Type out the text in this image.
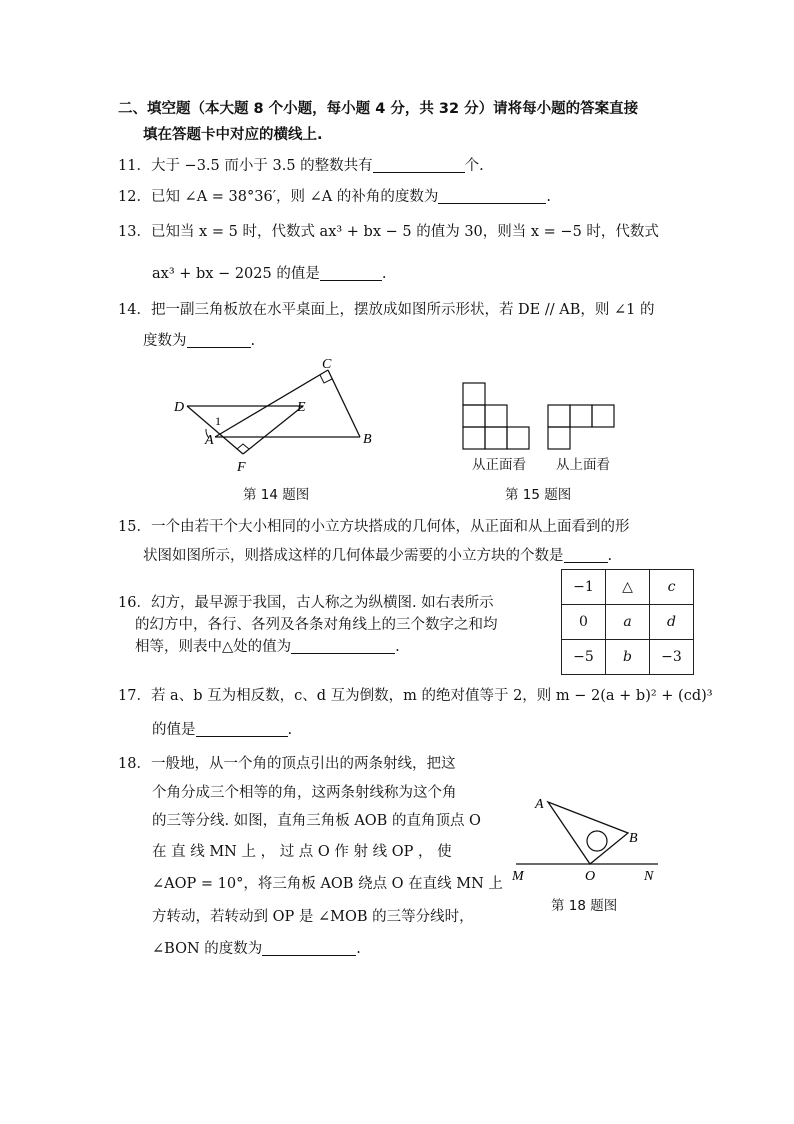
二、填空题（本大题 8 个小题，每小题 4 分，共 32 分）请将每小题的答案直接
填在答题卡中对应的横线上.
11．大于 −3.5 而小于 3.5 的整数共有	个.
12．已知 ∠A = 38°36′，则 ∠A 的补角的度数为	.
13．已知当 x = 5 时，代数式 ax³ + bx − 5 的值为 30，则当 x = −5 时，代数式
ax³ + bx − 2025 的值是	.
14．把一副三角板放在水平桌面上，摆放成如图所示形状，若 DE // AB，则 ∠1 的
度数为	.
C
D	E
1
A	B
F
第 14 题图
从正面看 从上面看
第 15 题图
15．一个由若干个大小相同的小立方块搭成的几何体，从正面和从上面看到的形
状图如图所示，则搭成这样的几何体最少需要的小立方块的个数是	.
16．幻方，最早源于我国，古人称之为纵横图. 如右表所示
的幻方中，各行、各列及各条对角线上的三个数字之和均
相等，则表中△处的值为	.
−1	△	c
0	a	d
−5	b	−3
17．若 a、b 互为相反数，c、d 互为倒数，m 的绝对值等于 2，则 m − 2(a + b)² + (cd)³
的值是	.
18．一般地，从一个角的顶点引出的两条射线，把这
个角分成三个相等的角，这两条射线称为这个角
的三等分线. 如图，直角三角板 AOB 的直角顶点 O
在 直 线 MN 上 ， 过 点 O 作 射 线 OP ， 使
∠AOP = 10°，将三角板 AOB 绕点 O 在直线 MN 上
方转动，若转动到 OP 是 ∠MOB 的三等分线时，
∠BON 的度数为	.
A
B
M	O	N
第 18 题图
